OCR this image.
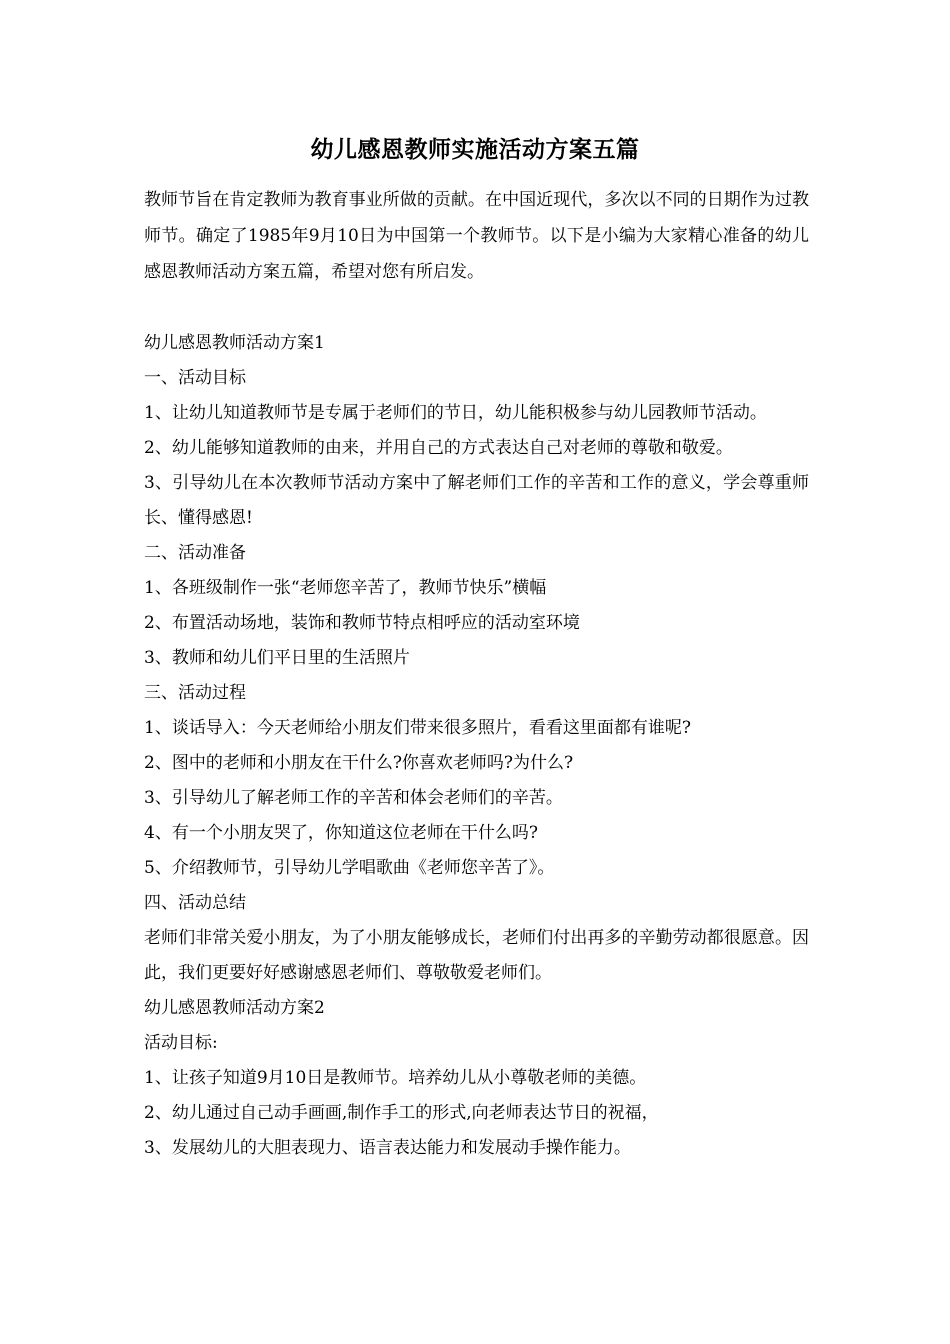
幼儿感恩教师实施活动方案五篇

教师节旨在肯定教师为教育事业所做的贡献。在中国近现代，多次以不同的日期作为过教师节。确定了1985年9月10日为中国第一个教师节。以下是小编为大家精心准备的幼儿感恩教师活动方案五篇，希望对您有所启发。

幼儿感恩教师活动方案1

一、活动目标

1、让幼儿知道教师节是专属于老师们的节日，幼儿能积极参与幼儿园教师节活动。

2、幼儿能够知道教师的由来，并用自己的方式表达自己对老师的尊敬和敬爱。

3、引导幼儿在本次教师节活动方案中了解老师们工作的辛苦和工作的意义，学会尊重师长、懂得感恩!

二、活动准备

1、各班级制作一张“老师您辛苦了，教师节快乐”横幅

2、布置活动场地，装饰和教师节特点相呼应的活动室环境

3、教师和幼儿们平日里的生活照片

三、活动过程

1、谈话导入：今天老师给小朋友们带来很多照片，看看这里面都有谁呢?

2、图中的老师和小朋友在干什么?你喜欢老师吗?为什么?

3、引导幼儿了解老师工作的辛苦和体会老师们的辛苦。

4、有一个小朋友哭了，你知道这位老师在干什么吗?

5、介绍教师节，引导幼儿学唱歌曲《老师您辛苦了》。

四、活动总结

老师们非常关爱小朋友，为了小朋友能够成长，老师们付出再多的辛勤劳动都很愿意。因此，我们更要好好感谢感恩老师们、尊敬敬爱老师们。

幼儿感恩教师活动方案2

活动目标:

1、让孩子知道9月10日是教师节。培养幼儿从小尊敬老师的美德。

2、幼儿通过自己动手画画,制作手工的形式,向老师表达节日的祝福，

3、发展幼儿的大胆表现力、语言表达能力和发展动手操作能力。
